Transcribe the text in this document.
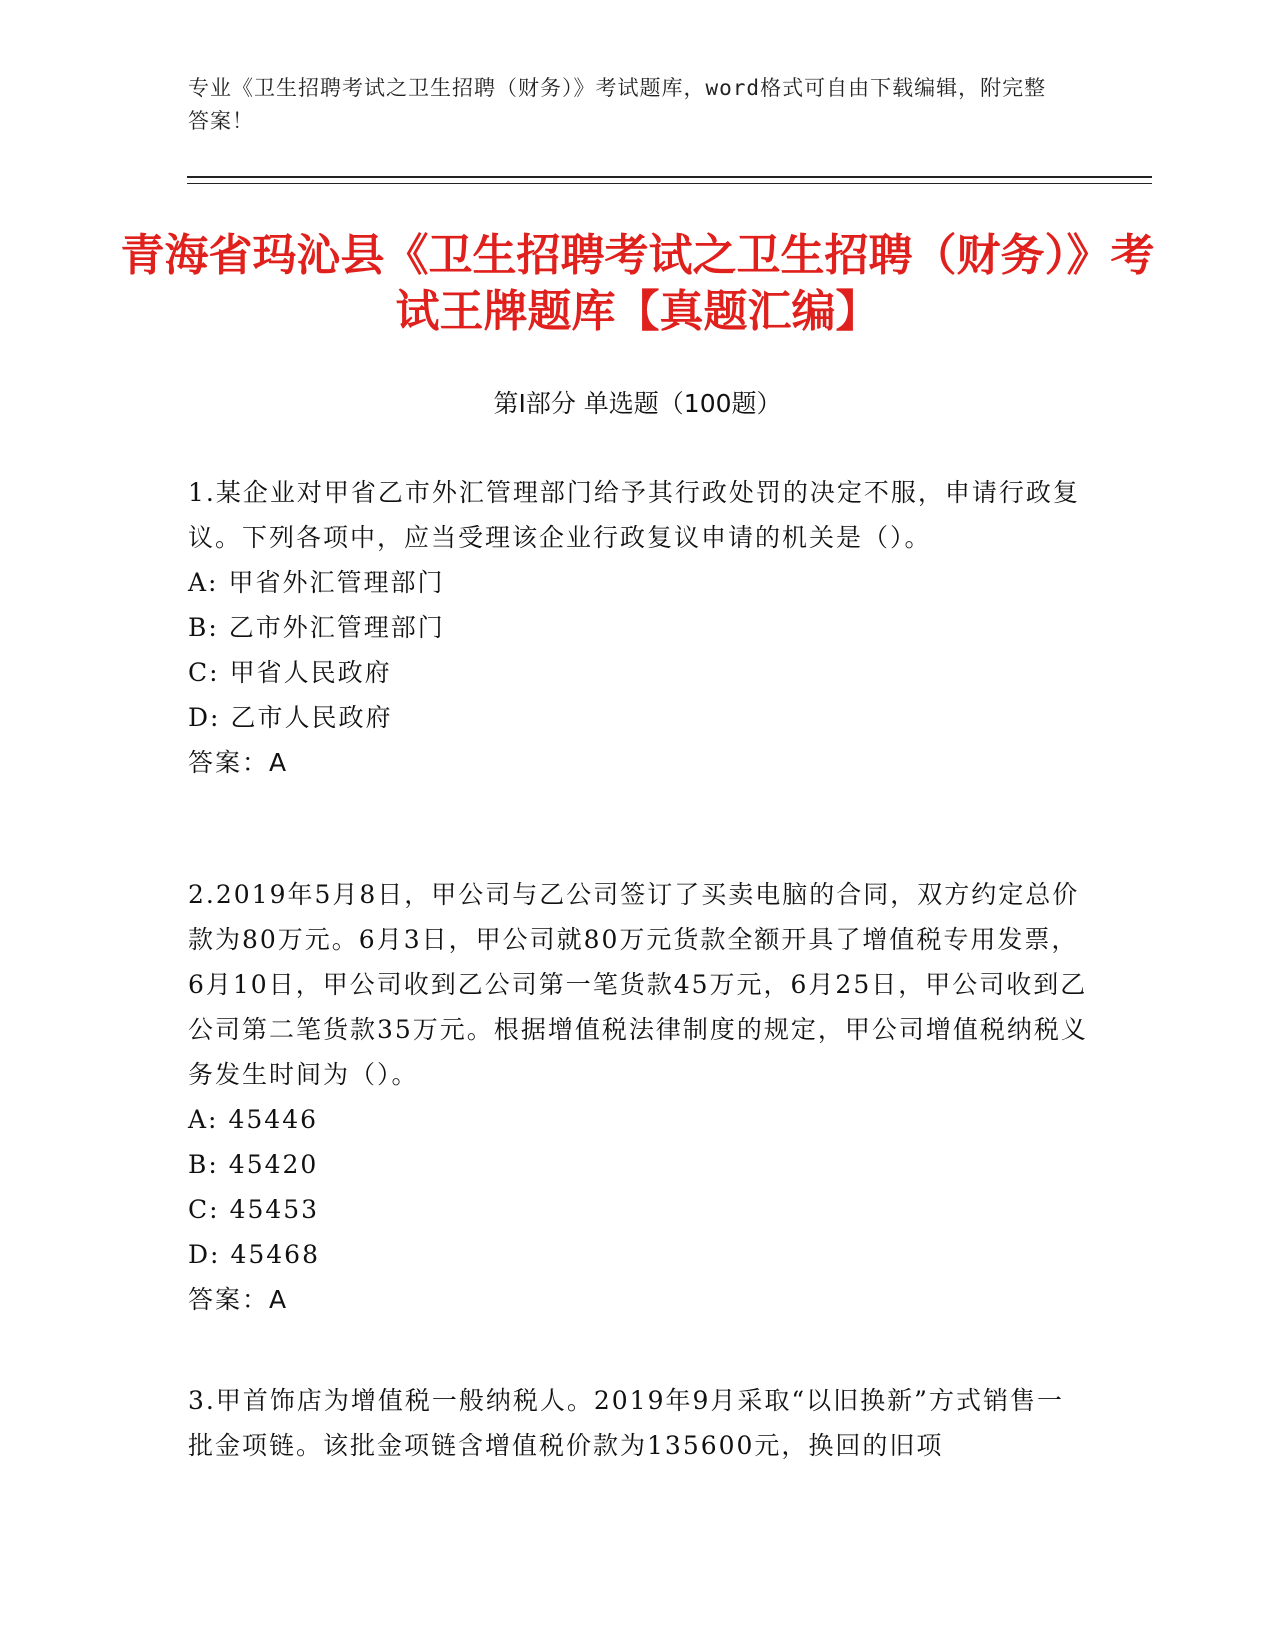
专业《卫生招聘考试之卫生招聘（财务）》考试题库，word格式可自由下载编辑，附完整答案！
青海省玛沁县《卫生招聘考试之卫生招聘（财务）》考试王牌题库【真题汇编】
第Ⅰ部分 单选题（100题）

1.某企业对甲省乙市外汇管理部门给予其行政处罚的决定不服，申请行政复议。下列各项中，应当受理该企业行政复议申请的机关是（）。

A: 甲省外汇管理部门

B: 乙市外汇管理部门

C: 甲省人民政府

D: 乙市人民政府

答案：A

2.2019年5月8日，甲公司与乙公司签订了买卖电脑的合同，双方约定总价款为80万元。6月3日，甲公司就80万元货款全额开具了增值税专用发票，6月10日，甲公司收到乙公司第一笔货款45万元，6月25日，甲公司收到乙公司第二笔货款35万元。根据增值税法律制度的规定，甲公司增值税纳税义务发生时间为（）。

A: 45446

B: 45420

C: 45453

D: 45468

答案：A

3.甲首饰店为增值税一般纳税人。2019年9月采取“以旧换新”方式销售一批金项链。该批金项链含增值税价款为135600元，换回的旧项
